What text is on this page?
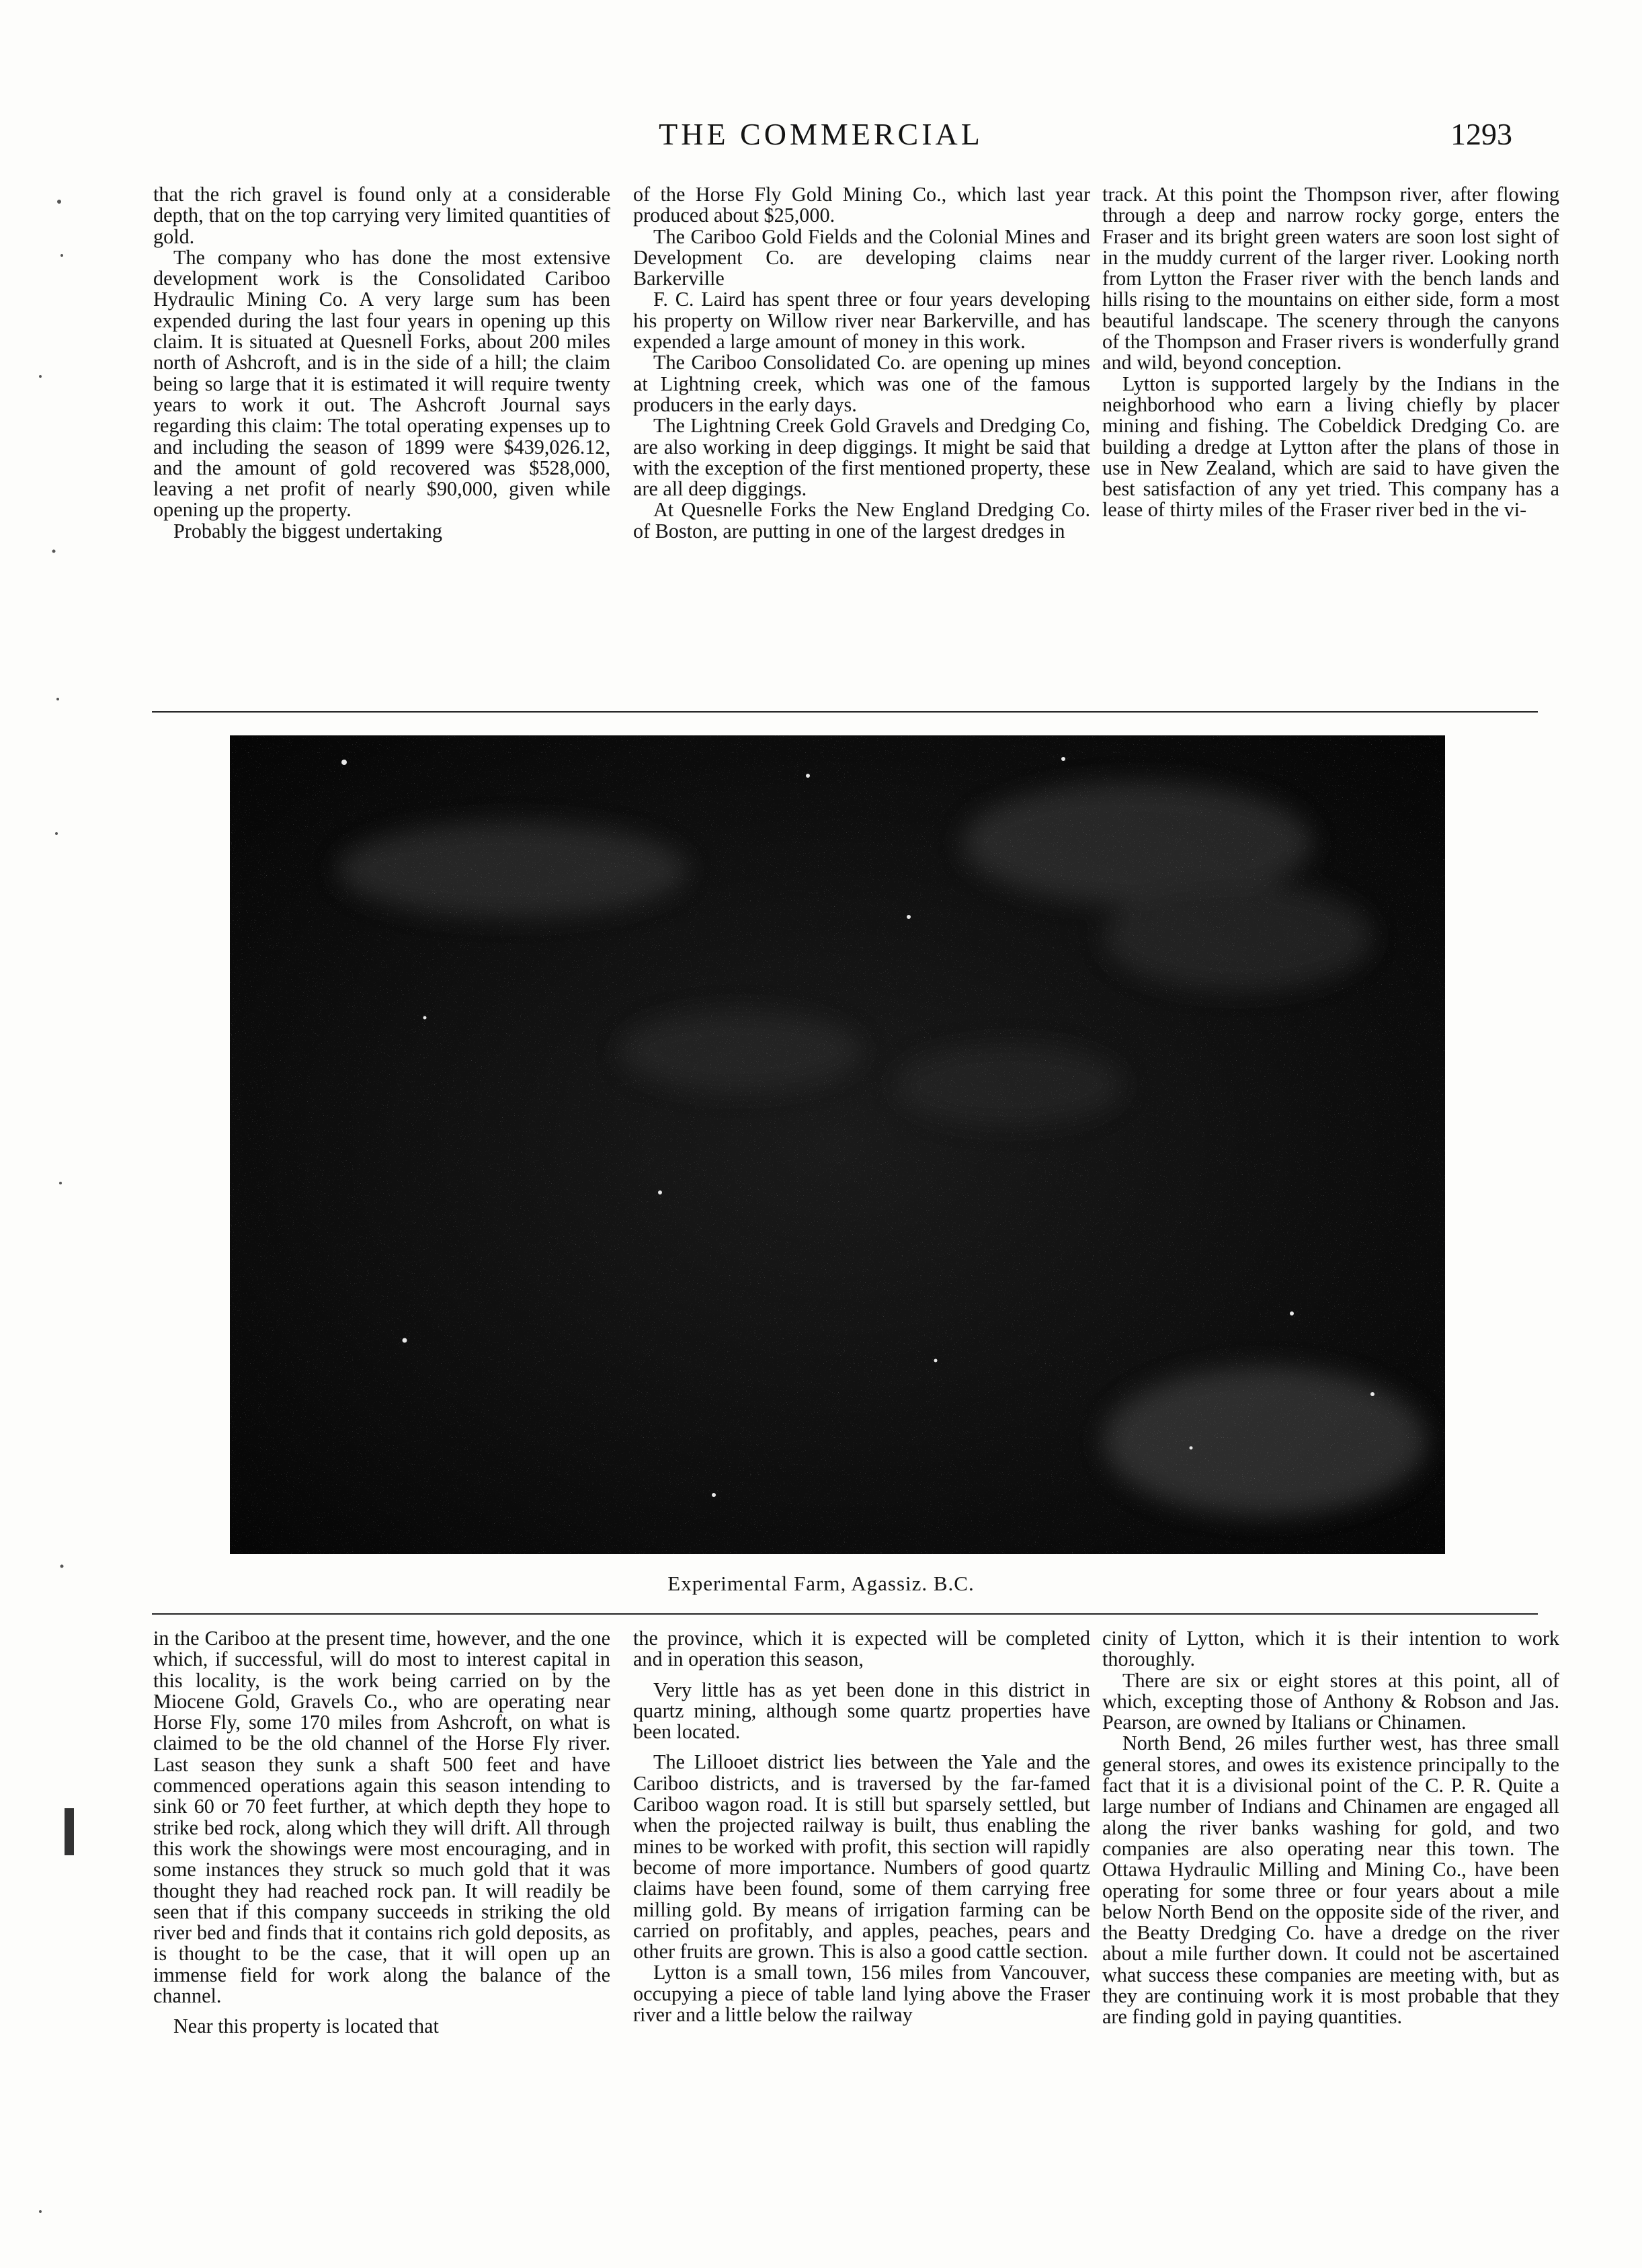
THE COMMERCIAL	1293

that the rich gravel is found only at a considerable depth, that on the top carrying very limited quantities of gold.

The company who has done the most extensive development work is the Consolidated Cariboo Hydraulic Mining Co. A very large sum has been expended during the last four years in opening up this claim. It is situated at Quesnell Forks, about 200 miles north of Ashcroft, and is in the side of a hill; the claim being so large that it is estimated it will require twenty years to work it out. The Ashcroft Journal says regarding this claim: The total operating expenses up to and including the season of 1899 were $439,026.12, and the amount of gold recovered was $528,000, leaving a net profit of nearly $90,000, given while opening up the property.

Probably the biggest undertaking

of the Horse Fly Gold Mining Co., which last year produced about $25,000.

The Cariboo Gold Fields and the Colonial Mines and Development Co. are developing claims near Barkerville

F. C. Laird has spent three or four years developing his property on Willow river near Barkerville, and has expended a large amount of money in this work.

The Cariboo Consolidated Co. are opening up mines at Lightning creek, which was one of the famous producers in the early days.

The Lightning Creek Gold Gravels and Dredging Co, are also working in deep diggings. It might be said that with the exception of the first mentioned property, these are all deep diggings.

At Quesnelle Forks the New England Dredging Co. of Boston, are putting in one of the largest dredges in

track. At this point the Thompson river, after flowing through a deep and narrow rocky gorge, enters the Fraser and its bright green waters are soon lost sight of in the muddy current of the larger river. Looking north from Lytton the Fraser river with the bench lands and hills rising to the mountains on either side, form a most beautiful landscape. The scenery through the canyons of the Thompson and Fraser rivers is wonderfully grand and wild, beyond conception.

Lytton is supported largely by the Indians in the neighborhood who earn a living chiefly by placer mining and fishing. The Cobeldick Dredging Co. are building a dredge at Lytton after the plans of those in use in New Zealand, which are said to have given the best satisfaction of any yet tried. This company has a lease of thirty miles of the Fraser river bed in the vi-

Experimental Farm, Agassiz. B.C.

in the Cariboo at the present time, however, and the one which, if successful, will do most to interest capital in this locality, is the work being carried on by the Miocene Gold, Gravels Co., who are operating near Horse Fly, some 170 miles from Ashcroft, on what is claimed to be the old channel of the Horse Fly river. Last season they sunk a shaft 500 feet and have commenced operations again this season intending to sink 60 or 70 feet further, at which depth they hope to strike bed rock, along which they will drift. All through this work the showings were most encouraging, and in some instances they struck so much gold that it was thought they had reached rock pan. It will readily be seen that if this company succeeds in striking the old river bed and finds that it contains rich gold deposits, as is thought to be the case, that it will open up an immense field for work along the balance of the channel.

Near this property is located that

the province, which it is expected will be completed and in operation this season,

Very little has as yet been done in this district in quartz mining, although some quartz properties have been located.

The Lillooet district lies between the Yale and the Cariboo districts, and is traversed by the far-famed Cariboo wagon road. It is still but sparsely settled, but when the projected railway is built, thus enabling the mines to be worked with profit, this section will rapidly become of more importance. Numbers of good quartz claims have been found, some of them carrying free milling gold. By means of irrigation farming can be carried on profitably, and apples, peaches, pears and other fruits are grown. This is also a good cattle section.

Lytton is a small town, 156 miles from Vancouver, occupying a piece of table land lying above the Fraser river and a little below the railway

cinity of Lytton, which it is their intention to work thoroughly.

There are six or eight stores at this point, all of which, excepting those of Anthony & Robson and Jas. Pearson, are owned by Italians or Chinamen.

North Bend, 26 miles further west, has three small general stores, and owes its existence principally to the fact that it is a divisional point of the C. P. R. Quite a large number of Indians and Chinamen are engaged all along the river banks washing for gold, and two companies are also operating near this town. The Ottawa Hydraulic Milling and Mining Co., have been operating for some three or four years about a mile below North Bend on the opposite side of the river, and the Beatty Dredging Co. have a dredge on the river about a mile further down. It could not be ascertained what success these companies are meeting with, but as they are continuing work it is most probable that they are finding gold in paying quantities.
